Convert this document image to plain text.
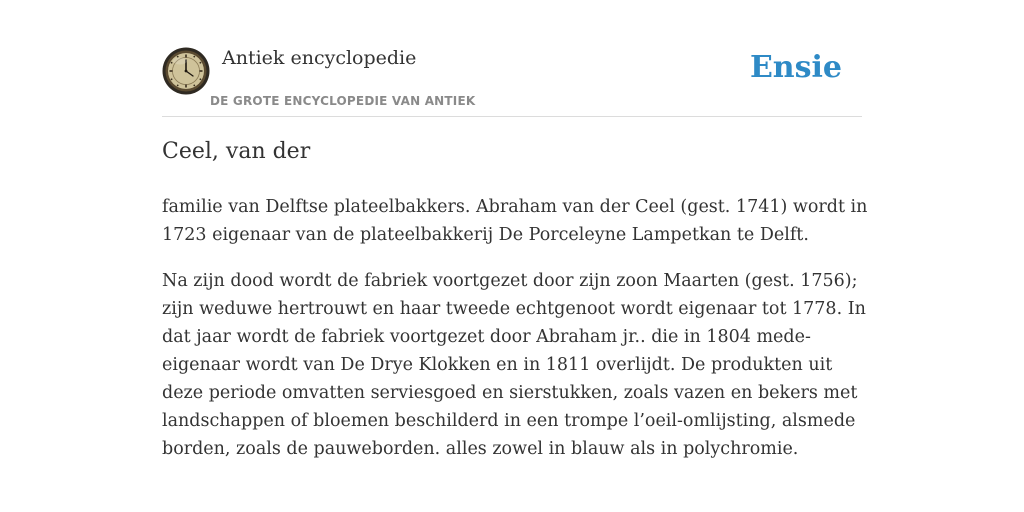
Antiek encyclopedie
DE GROTE ENCYCLOPEDIE VAN ANTIEK
Ensie
Ceel, van der

familie van Delftse plateelbakkers. Abraham van der Ceel (gest. 1741) wordt in 1723 eigenaar van de plateelbakkerij De Porceleyne Lampetkan te Delft.

Na zijn dood wordt de fabriek voortgezet door zijn zoon Maarten (gest. 1756); zijn weduwe hertrouwt en haar tweede echtgenoot wordt eigenaar tot 1778. In dat jaar wordt de fabriek voortgezet door Abraham jr.. die in 1804 mede-eigenaar wordt van De Drye Klokken en in 1811 overlijdt. De produkten uit deze periode omvatten serviesgoed en sierstukken, zoals vazen en bekers met landschappen of bloemen beschilderd in een trompe l’oeil-omlijsting, alsmede borden, zoals de pauweborden. alles zowel in blauw als in polychromie.
